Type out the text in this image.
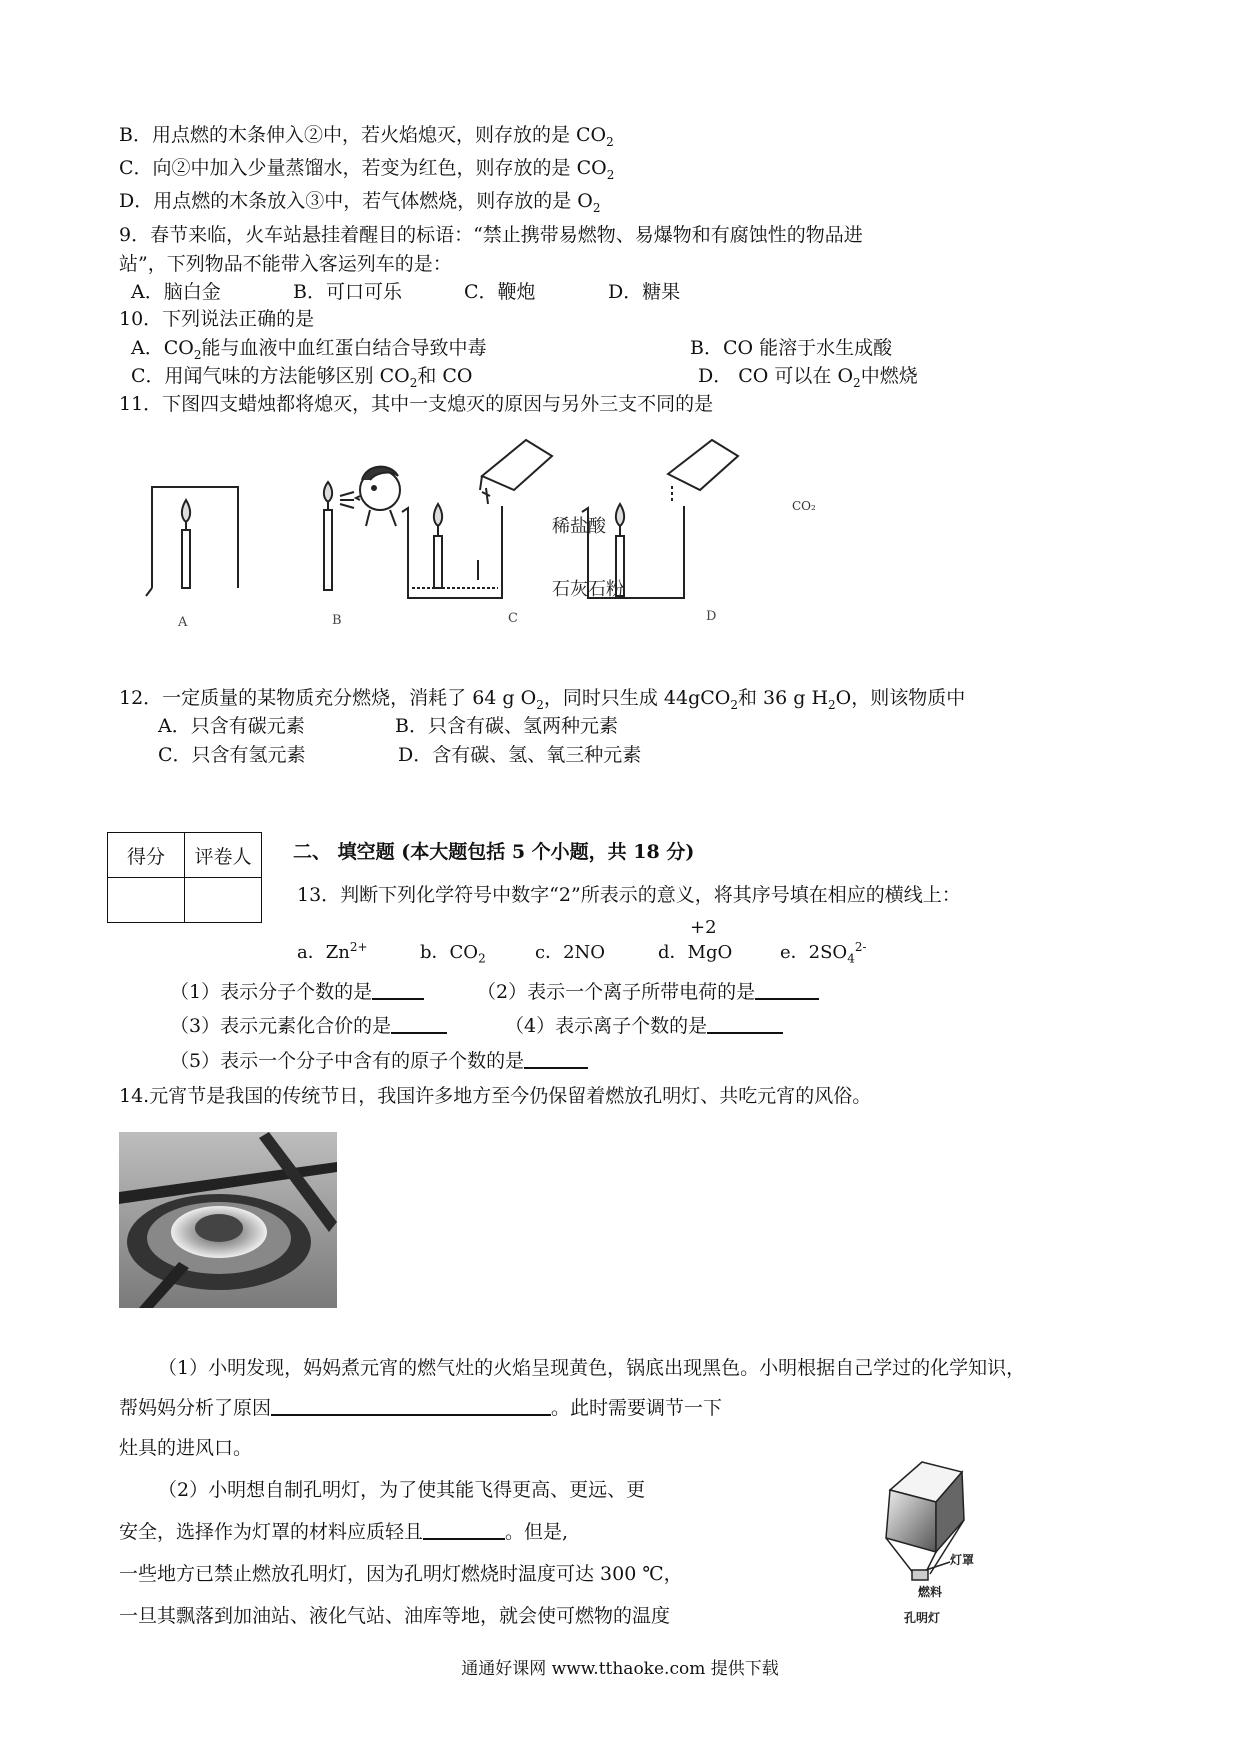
B．用点燃的木条伸入②中，若火焰熄灭，则存放的是 $CO_2$
C．向②中加入少量蒸馏水，若变为红色，则存放的是 $CO_2$
D．用点燃的木条放入③中，若气体燃烧，则存放的是 $O_2$
9．春节来临，火车站悬挂着醒目的标语：“禁止携带易燃物、易爆物和有腐蚀性的物品进
站”，下列物品不能带入客运列车的是：
A．脑白金	B．可口可乐	C．鞭炮	D．糖果
10．下列说法正确的是
A．$CO_2$能与血液中血红蛋白结合导致中毒	B．CO 能溶于水生成酸
C．用闻气味的方法能够区别 $CO_2$和 CO	D． CO 可以在 $O_2$中燃烧
11．下图四支蜡烛都将熄灭，其中一支熄灭的原因与另外三支不同的是
A	B	C	D
稀盐酸
石灰石粉
CO₂
12．一定质量的某物质充分燃烧，消耗了 64 g $O_2$，同时只生成 44gCO$_2$和 36 g $H_2O$，则该物质中
A．只含有碳元素	B．只含有碳、氢两种元素
C．只含有氢元素	D．含有碳、氢、氧三种元素
得分	评卷人
	二、 填空题 (本大题包括 5 个小题，共 18 分)
13．判断下列化学符号中数字“2”所表示的意义，将其序号填在相应的横线上：
+2
a．$Zn^{2+}$	b．$CO_2$	c．2NO	d．MgO	e．$2SO_4^{2-}$
（1）表示分子个数的是	（2）表示一个离子所带电荷的是
（3）表示元素化合价的是	（4）表示离子个数的是
（5）表示一个分子中含有的原子个数的是
14.元宵节是我国的传统节日，我国许多地方至今仍保留着燃放孔明灯、共吃元宵的风俗。
（1）小明发现，妈妈煮元宵的燃气灶的火焰呈现黄色，锅底出现黑色。小明根据自己学过的化学知识，
帮妈妈分析了原因	。此时需要调节一下
灶具的进风口。
（2）小明想自制孔明灯，为了使其能飞得更高、更远、更
安全，选择作为灯罩的材料应质轻且	。但是,
一些地方已禁止燃放孔明灯，因为孔明灯燃烧时温度可达 300 ℃，
一旦其飘落到加油站、液化气站、油库等地，就会使可燃物的温度
灯罩
燃料
孔明灯
通通好课网 www.tthaoke.com 提供下载
